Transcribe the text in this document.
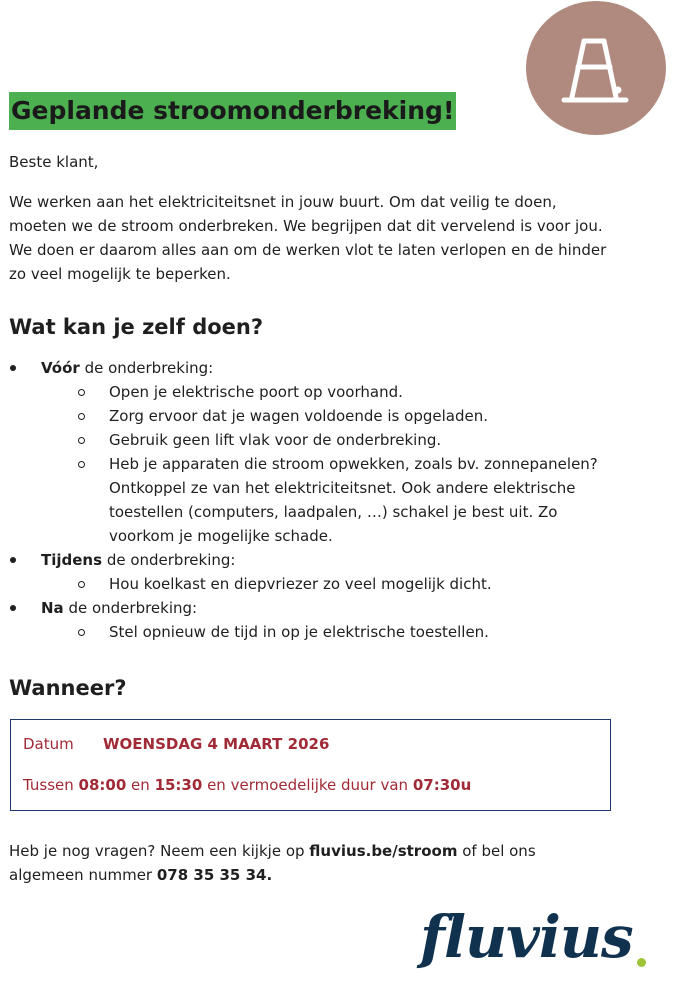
Geplande stroomonderbreking!

Beste klant,

We werken aan het elektriciteitsnet in jouw buurt. Om dat veilig te doen, moeten we de stroom onderbreken. We begrijpen dat dit vervelend is voor jou. We doen er daarom alles aan om de werken vlot te laten verlopen en de hinder zo veel mogelijk te beperken.

Wat kan je zelf doen?
Vóór de onderbreking:
Open je elektrische poort op voorhand.
Zorg ervoor dat je wagen voldoende is opgeladen.
Gebruik geen lift vlak voor de onderbreking.
Heb je apparaten die stroom opwekken, zoals bv. zonnepanelen? Ontkoppel ze van het elektriciteitsnet. Ook andere elektrische toestellen (computers, laadpalen, …) schakel je best uit. Zo voorkom je mogelijke schade.
Tijdens de onderbreking:
Hou koelkast en diepvriezer zo veel mogelijk dicht.
Na de onderbreking:
Stel opnieuw de tijd in op je elektrische toestellen.
Wanneer?
Datum WOENSDAG 4 MAART 2026
Tussen 08:00 en 15:30 en vermoedelijke duur van 07:30u

Heb je nog vragen? Neem een kijkje op fluvius.be/stroom of bel ons algemeen nummer 078 35 35 34.

fluvius
